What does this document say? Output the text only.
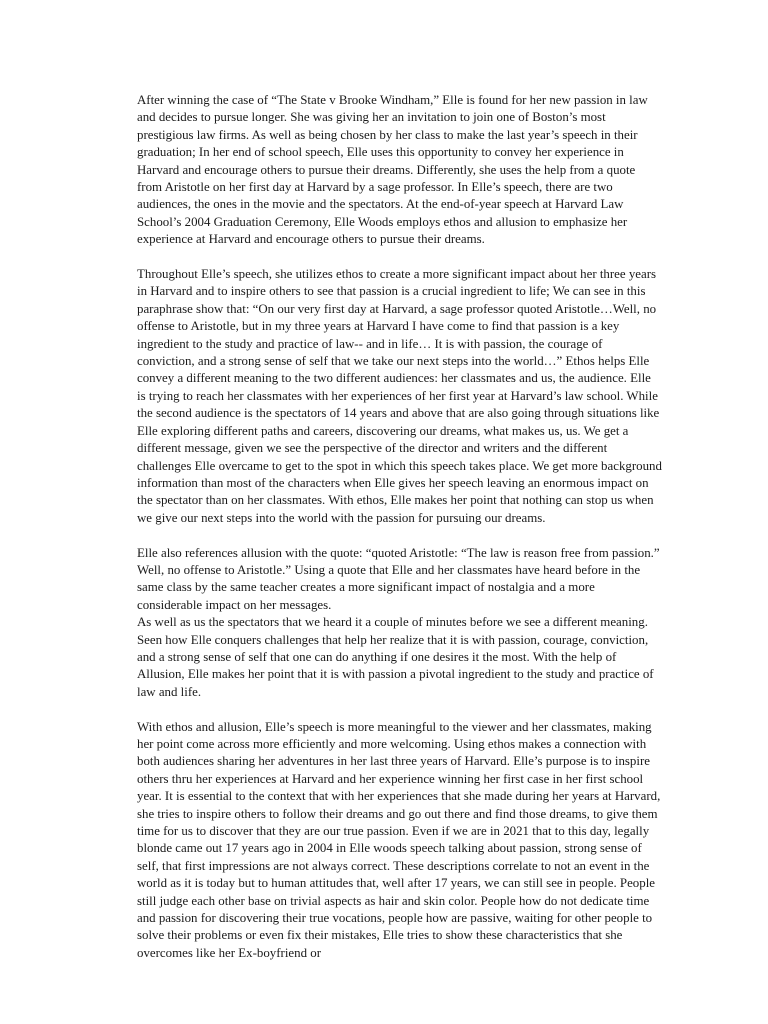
After winning the case of “The State v Brooke Windham,” Elle is found for her new passion in law and decides to pursue longer. She was giving her an invitation to join one of Boston’s most prestigious law firms. As well as being chosen by her class to make the last year’s speech in their graduation; In her end of school speech, Elle uses this opportunity to convey her experience in Harvard and encourage others to pursue their dreams. Differently, she uses the help from a quote from Aristotle on her first day at Harvard by a sage professor. In Elle’s speech, there are two audiences, the ones in the movie and the spectators. At the end-of-year speech at Harvard Law School’s 2004 Graduation Ceremony, Elle Woods employs ethos and allusion to emphasize her experience at Harvard and encourage others to pursue their dreams.

Throughout Elle’s speech, she utilizes ethos to create a more significant impact about her three years in Harvard and to inspire others to see that passion is a crucial ingredient to life; We can see in this paraphrase show that: “On our very first day at Harvard, a sage professor quoted Aristotle…Well, no offense to Aristotle, but in my three years at Harvard I have come to find that passion is a key ingredient to the study and practice of law-- and in life… It is with passion, the courage of conviction, and a strong sense of self that we take our next steps into the world…” Ethos helps Elle convey a different meaning to the two different audiences: her classmates and us, the audience. Elle is trying to reach her classmates with her experiences of her first year at Harvard’s law school. While the second audience is the spectators of 14 years and above that are also going through situations like Elle exploring different paths and careers, discovering our dreams, what makes us, us. We get a different message, given we see the perspective of the director and writers and the different challenges Elle overcame to get to the spot in which this speech takes place. We get more background information than most of the characters when Elle gives her speech leaving an enormous impact on the spectator than on her classmates. With ethos, Elle makes her point that nothing can stop us when we give our next steps into the world with the passion for pursuing our dreams.

Elle also references allusion with the quote: “quoted Aristotle: “The law is reason free from passion.” Well, no offense to Aristotle.” Using a quote that Elle and her classmates have heard before in the same class by the same teacher creates a more significant impact of nostalgia and a more considerable impact on her messages.

As well as us the spectators that we heard it a couple of minutes before we see a different meaning. Seen how Elle conquers challenges that help her realize that it is with passion, courage, conviction, and a strong sense of self that one can do anything if one desires it the most. With the help of Allusion, Elle makes her point that it is with passion a pivotal ingredient to the study and practice of law and life.

With ethos and allusion, Elle’s speech is more meaningful to the viewer and her classmates, making her point come across more efficiently and more welcoming. Using ethos makes a connection with both audiences sharing her adventures in her last three years of Harvard. Elle’s purpose is to inspire others thru her experiences at Harvard and her experience winning her first case in her first school year. It is essential to the context that with her experiences that she made during her years at Harvard, she tries to inspire others to follow their dreams and go out there and find those dreams, to give them time for us to discover that they are our true passion. Even if we are in 2021 that to this day, legally blonde came out 17 years ago in 2004 in Elle woods speech talking about passion, strong sense of self, that first impressions are not always correct. These descriptions correlate to not an event in the world as it is today but to human attitudes that, well after 17 years, we can still see in people. People still judge each other base on trivial aspects as hair and skin color. People how do not dedicate time and passion for discovering their true vocations, people how are passive, waiting for other people to solve their problems or even fix their mistakes, Elle tries to show these characteristics that she overcomes like her Ex-boyfriend or
